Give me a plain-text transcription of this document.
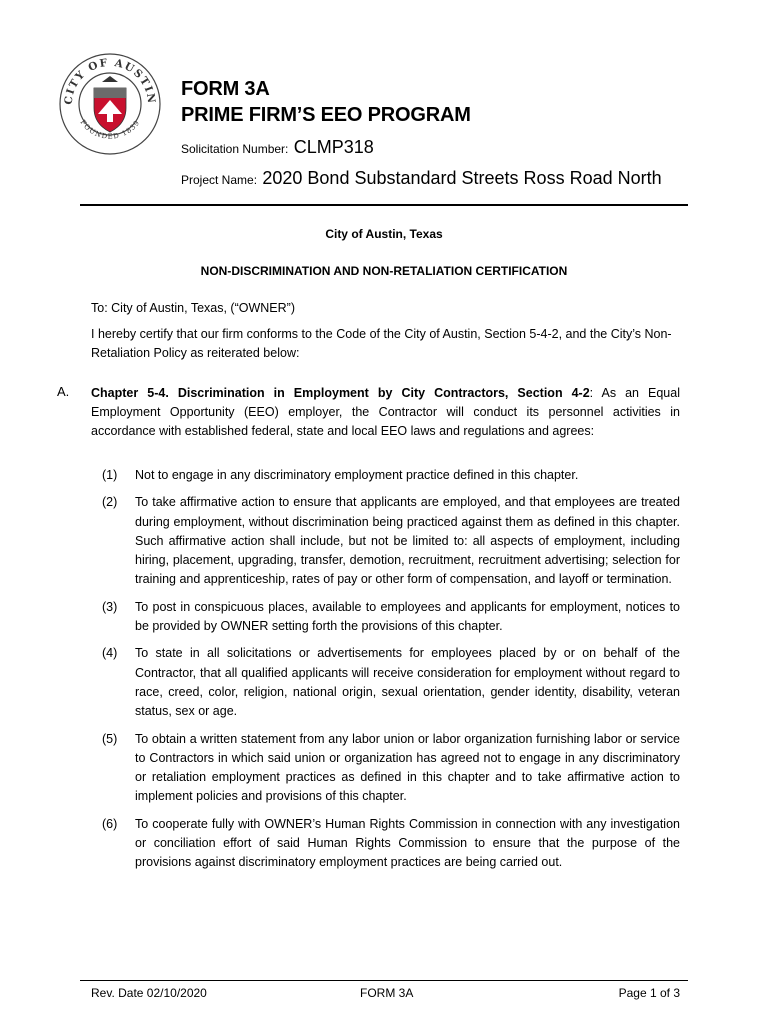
CITY OF AUSTIN
FOUNDED 1839
FORM 3A
PRIME FIRM’S EEO PROGRAM
Solicitation Number: CLMP318
Project Name: 2020 Bond Substandard Streets Ross Road North
City of Austin, Texas
NON-DISCRIMINATION AND NON-RETALIATION CERTIFICATION
To: City of Austin, Texas, (“OWNER”)
I hereby certify that our firm conforms to the Code of the City of Austin, Section 5-4-2, and the City’s Non-Retaliation Policy as reiterated below:
A. Chapter 5-4. Discrimination in Employment by City Contractors, Section 4-2: As an Equal Employment Opportunity (EEO) employer, the Contractor will conduct its personnel activities in accordance with established federal, state and local EEO laws and regulations and agrees:
(1)	Not to engage in any discriminatory employment practice defined in this chapter.
(2)	To take affirmative action to ensure that applicants are employed, and that employees are treated during employment, without discrimination being practiced against them as defined in this chapter. Such affirmative action shall include, but not be limited to: all aspects of employment, including hiring, placement, upgrading, transfer, demotion, recruitment, recruitment advertising; selection for training and apprenticeship, rates of pay or other form of compensation, and layoff or termination.
(3)	To post in conspicuous places, available to employees and applicants for employment, notices to be provided by OWNER setting forth the provisions of this chapter.
(4)	To state in all solicitations or advertisements for employees placed by or on behalf of the Contractor, that all qualified applicants will receive consideration for employment without regard to race, creed, color, religion, national origin, sexual orientation, gender identity, disability, veteran status, sex or age.
(5)	To obtain a written statement from any labor union or labor organization furnishing labor or service to Contractors in which said union or organization has agreed not to engage in any discriminatory or retaliation employment practices as defined in this chapter and to take affirmative action to implement policies and provisions of this chapter.
(6)	To cooperate fully with OWNER’s Human Rights Commission in connection with any investigation or conciliation effort of said Human Rights Commission to ensure that the purpose of the provisions against discriminatory employment practices are being carried out.
Rev. Date 02/10/2020	FORM 3A	Page 1 of 3
